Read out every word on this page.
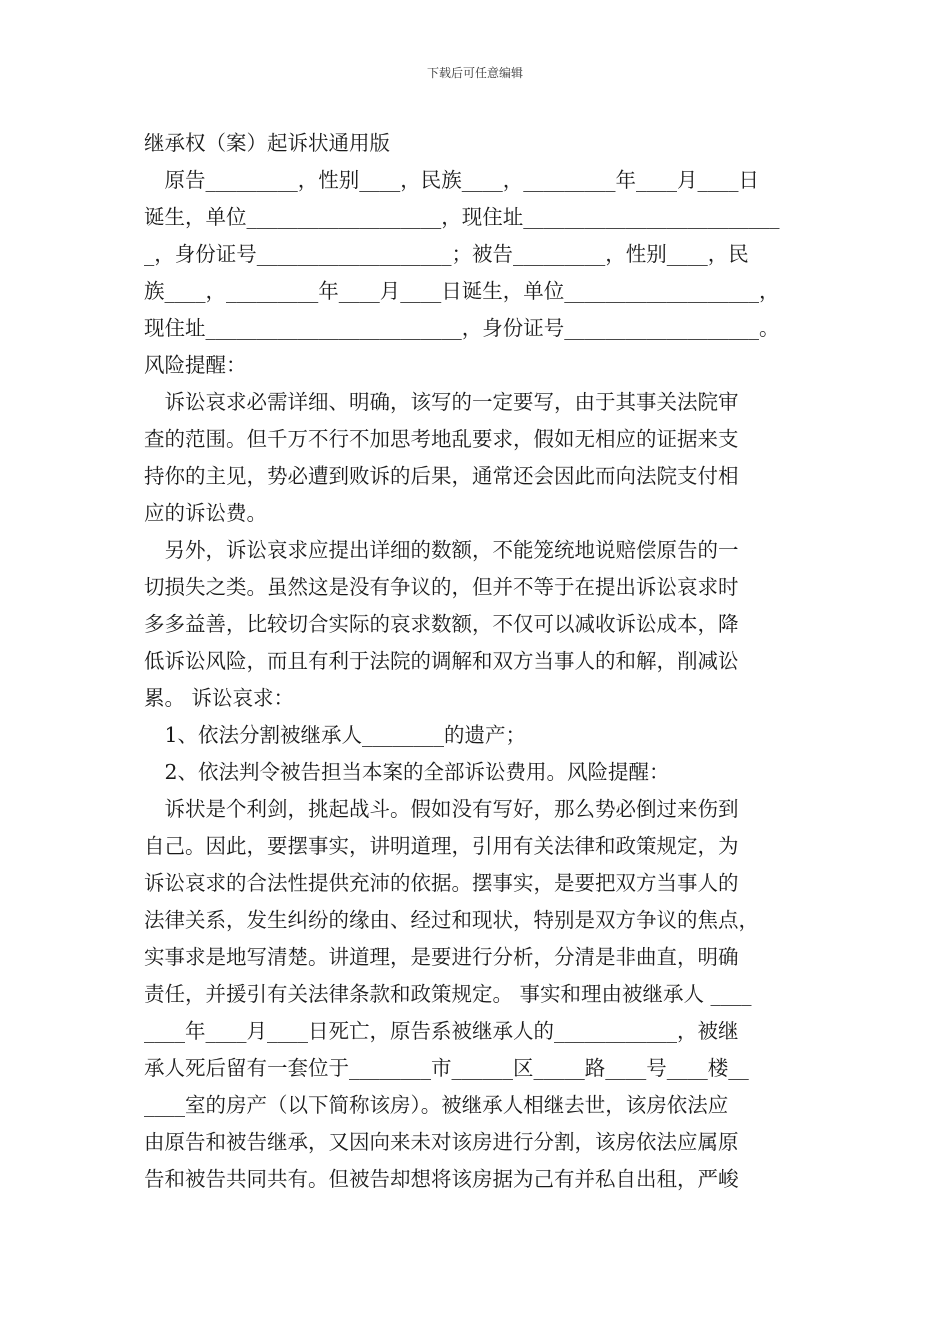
下载后可任意编辑

继承权（案）起诉状通用版

　原告_________，性别____，民族____，_________年____月____日

诞生，单位___________________，现住址_________________________

_，身份证号___________________；被告_________，性别____，民

族____，_________年____月____日诞生，单位___________________，

现住址_________________________，身份证号___________________。

风险提醒：

　诉讼哀求必需详细、明确，该写的一定要写，由于其事关法院审

查的范围。但千万不行不加思考地乱要求，假如无相应的证据来支

持你的主见，势必遭到败诉的后果，通常还会因此而向法院支付相

应的诉讼费。

　另外，诉讼哀求应提出详细的数额，不能笼统地说赔偿原告的一

切损失之类。虽然这是没有争议的，但并不等于在提出诉讼哀求时

多多益善，比较切合实际的哀求数额，不仅可以减收诉讼成本，降

低诉讼风险，而且有利于法院的调解和双方当事人的和解，削减讼

累。 诉讼哀求：

　1、依法分割被继承人________的遗产；

　2、依法判令被告担当本案的全部诉讼费用。风险提醒：

　诉状是个利剑，挑起战斗。假如没有写好，那么势必倒过来伤到

自己。因此，要摆事实，讲明道理，引用有关法律和政策规定，为

诉讼哀求的合法性提供充沛的依据。摆事实，是要把双方当事人的

法律关系，发生纠纷的缘由、经过和现状，特别是双方争议的焦点，

实事求是地写清楚。讲道理，是要进行分析，分清是非曲直，明确

责任，并援引有关法律条款和政策规定。 事实和理由被继承人 ____

____年____月____日死亡，原告系被继承人的____________，被继

承人死后留有一套位于________市______区_____路____号____楼__

____室的房产（以下简称该房）。被继承人相继去世，该房依法应

由原告和被告继承，又因向来未对该房进行分割，该房依法应属原

告和被告共同共有。但被告却想将该房据为己有并私自出租，严峻
